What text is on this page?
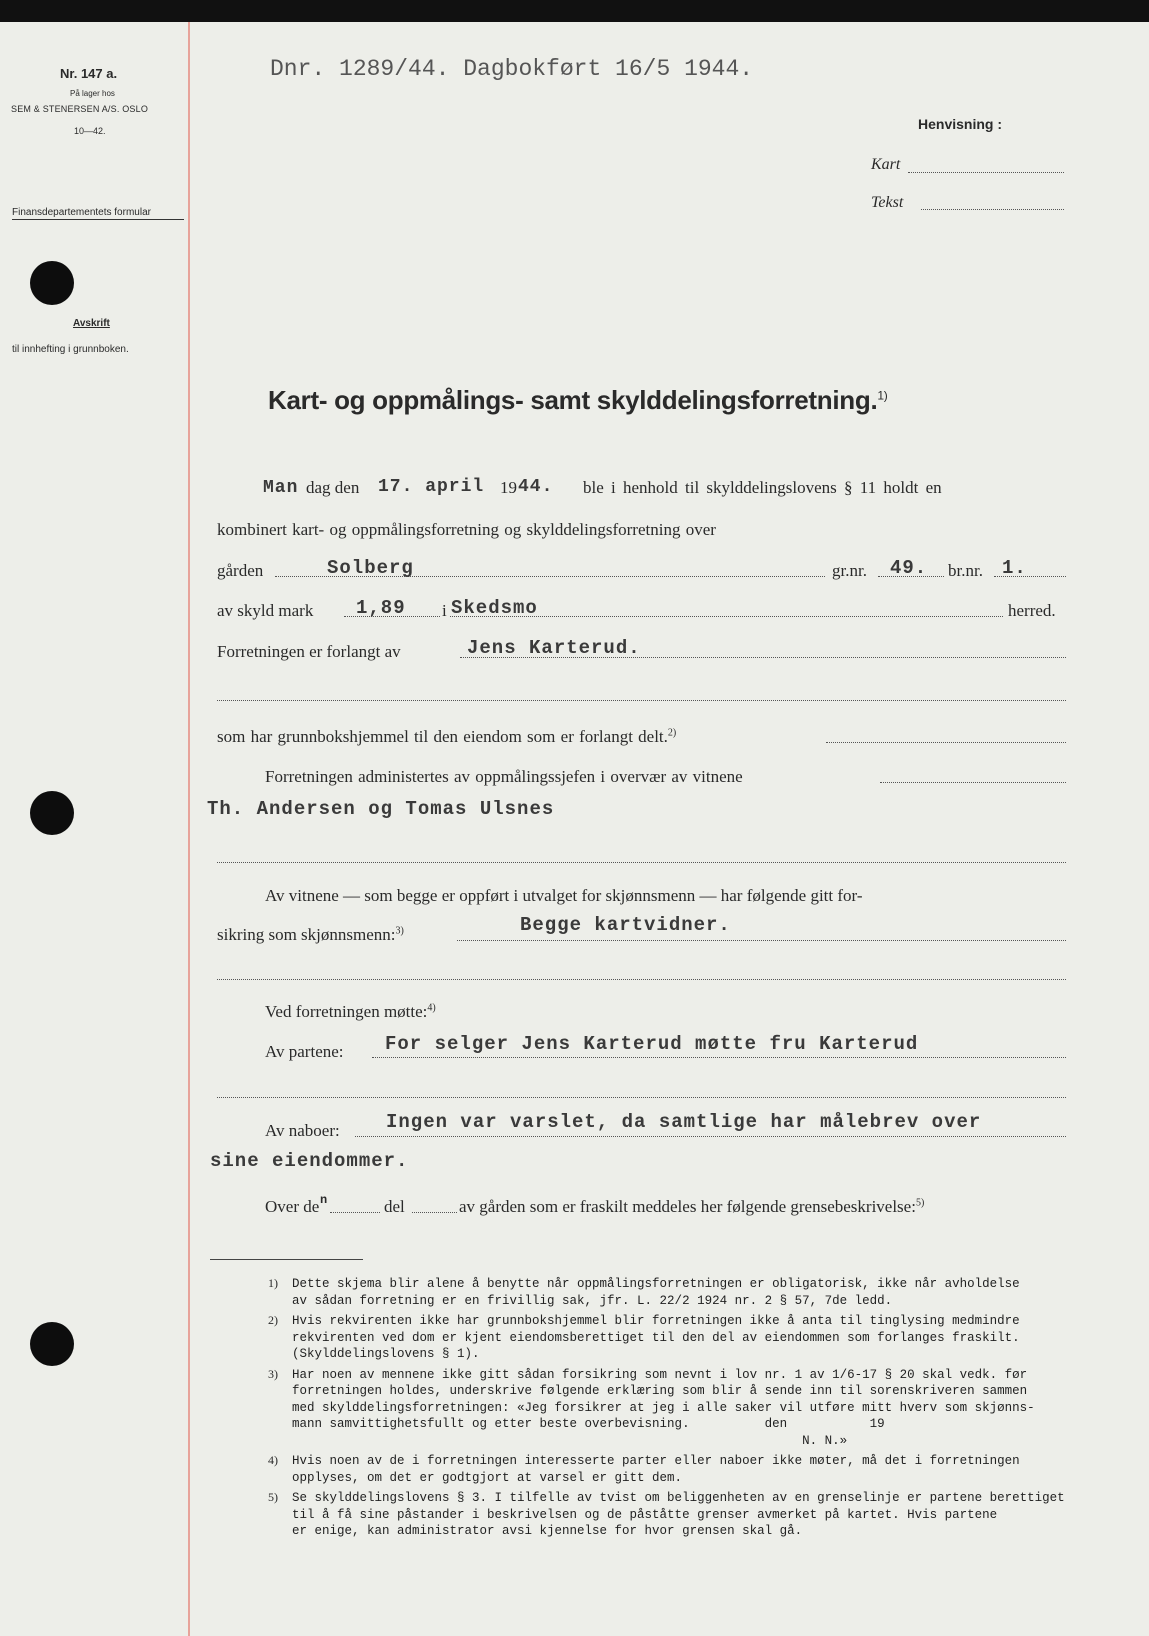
Nr. 147 a.
På lager hos
SEM & STENERSEN A/S. OSLO
10—42.
Finansdepartementets formular
Avskrift
til innhefting i grunnboken.
Dnr. 1289/44. Dagbokført 16/5 1944.
Henvisning :
Kart
Tekst
Kart- og oppmålings- samt skylddelingsforretning.$^{1)}$
Man dag den 17. april 19 44. ble i henhold til skylddelingslovens § 11 holdt en
kombinert kart- og oppmålingsforretning og skylddelingsforretning over
gården	Solberg	gr.nr. 49. br.nr. 1.
av skyld mark 1,89 i Skedsmo	herred.
Forretningen er forlangt av	Jens Karterud.
som har grunnbokshjemmel til den eiendom som er forlangt delt.$^{2)}$
Forretningen administertes av oppmålingssjefen i overvær av vitnene
Th. Andersen og Tomas Ulsnes
Av vitnene — som begge er oppført i utvalget for skjønnsmenn — har følgende gitt for-
sikring som skjønnsmenn:$^{3)}$	Begge kartvidner.
Ved forretningen møtte:$^{4)}$
Av partene: For selger Jens Karterud møtte fru Karterud
Av naboer: Ingen var varslet, da samtlige har målebrev over
sine eiendommer.
Over de n	del	av gården som er fraskilt meddeles her følgende grensebeskrivelse:$^{5)}$
1) Dette skjema blir alene å benytte når oppmålingsforretningen er obligatorisk, ikke når avholdelse
av sådan forretning er en frivillig sak, jfr. L. 22/2 1924 nr. 2 § 57, 7de ledd.
2) Hvis rekvirenten ikke har grunnbokshjemmel blir forretningen ikke å anta til tinglysing medmindre
rekvirenten ved dom er kjent eiendomsberettiget til den del av eiendommen som forlanges fraskilt.
(Skylddelingslovens § 1).
3) Har noen av mennene ikke gitt sådan forsikring som nevnt i lov nr. 1 av 1/6-17 § 20 skal vedk. før
forretningen holdes, underskrive følgende erklæring som blir å sende inn til sorenskriveren sammen
med skylddelingsforretningen: «Jeg forsikrer at jeg i alle saker vil utføre mitt hverv som skjønns-
mann samvittighetsfullt og etter beste overbevisning.          den           19
N. N.»
4) Hvis noen av de i forretningen interesserte parter eller naboer ikke møter, må det i forretningen
opplyses, om det er godtgjort at varsel er gitt dem.
5) Se skylddelingslovens § 3. I tilfelle av tvist om beliggenheten av en grenselinje er partene berettiget
til å få sine påstander i beskrivelsen og de påståtte grenser avmerket på kartet. Hvis partene
er enige, kan administrator avsi kjennelse for hvor grensen skal gå.
